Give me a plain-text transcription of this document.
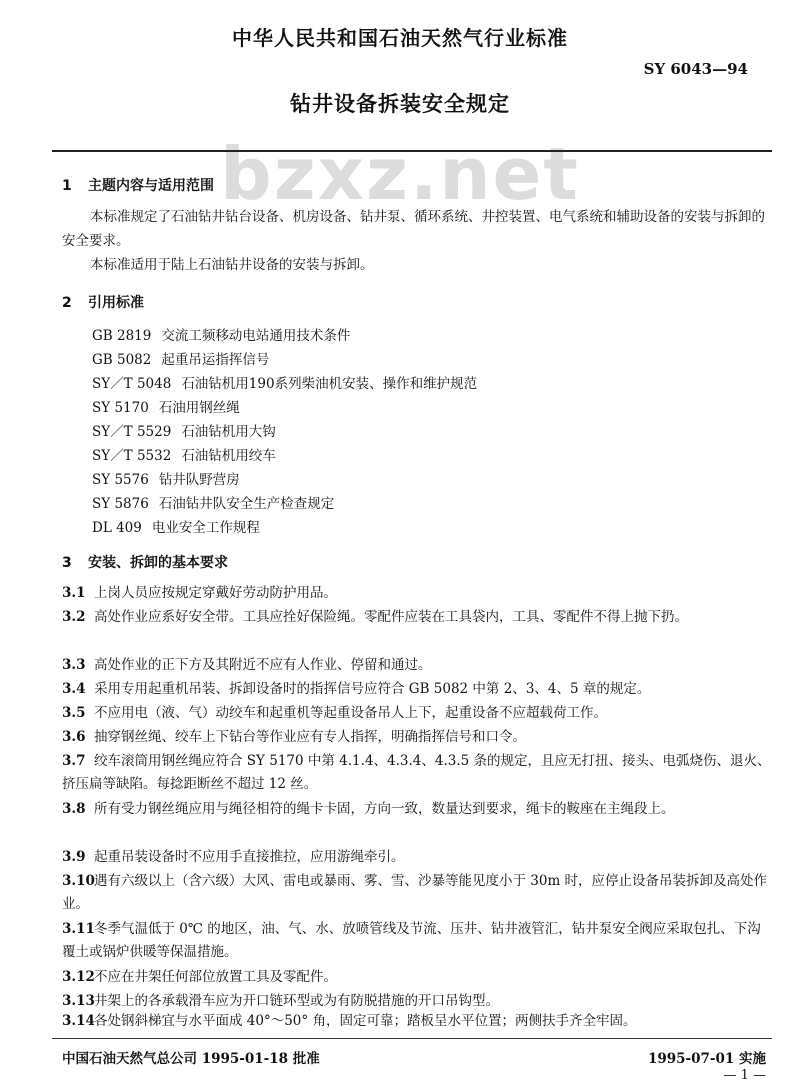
中华人民共和国石油天然气行业标准
SY 6043—94
钻井设备拆装安全规定
bzxz.net
1 主题内容与适用范围
本标准规定了石油钻井钻台设备、机房设备、钻井泵、循环系统、井控装置、电气系统和辅助设备的安装与拆卸的安全要求。
本标准适用于陆上石油钻井设备的安装与拆卸。
2 引用标准
GB 2819 交流工频移动电站通用技术条件
GB 5082 起重吊运指挥信号
SY／T 5048 石油钻机用190系列柴油机安装、操作和维护规范
SY 5170 石油用钢丝绳
SY／T 5529 石油钻机用大钩
SY／T 5532 石油钻机用绞车
SY 5576 钻井队野营房
SY 5876 石油钻井队安全生产检查规定
DL 409 电业安全工作规程
3 安装、拆卸的基本要求
3.1 上岗人员应按规定穿戴好劳动防护用品。
3.2 高处作业应系好安全带。工具应拴好保险绳。零配件应装在工具袋内，工具、零配件不得上抛下扔。
3.3 高处作业的正下方及其附近不应有人作业、停留和通过。
3.4 采用专用起重机吊装、拆卸设备时的指挥信号应符合 GB 5082 中第 2、3、4、5 章的规定。
3.5 不应用电（液、气）动绞车和起重机等起重设备吊人上下，起重设备不应超载荷工作。
3.6 抽穿钢丝绳、绞车上下钻台等作业应有专人指挥，明确指挥信号和口令。
3.7 绞车滚筒用钢丝绳应符合 SY 5170 中第 4.1.4、4.3.4、4.3.5 条的规定，且应无打扭、接头、电弧烧伤、退火、挤压扁等缺陷。每捻距断丝不超过 12 丝。
3.8 所有受力钢丝绳应用与绳径相符的绳卡卡固，方向一致，数量达到要求，绳卡的鞍座在主绳段上。
3.9 起重吊装设备时不应用手直接推拉，应用游绳牵引。
3.10遇有六级以上（含六级）大风、雷电或暴雨、雾、雪、沙暴等能见度小于 30m 时，应停止设备吊装拆卸及高处作业。
3.11冬季气温低于 0℃ 的地区，油、气、水、放喷管线及节流、压井、钻井液管汇，钻井泵安全阀应采取包扎、下沟覆土或锅炉供暖等保温措施。
3.12不应在井架任何部位放置工具及零配件。
3.13井架上的各承载滑车应为开口链环型或为有防脱措施的开口吊钩型。
3.14各处钢斜梯宜与水平面成 40°～50° 角，固定可靠；踏板呈水平位置；两侧扶手齐全牢固。
中国石油天然气总公司 1995-01-18 批准	1995-07-01 实施
— 1 —
